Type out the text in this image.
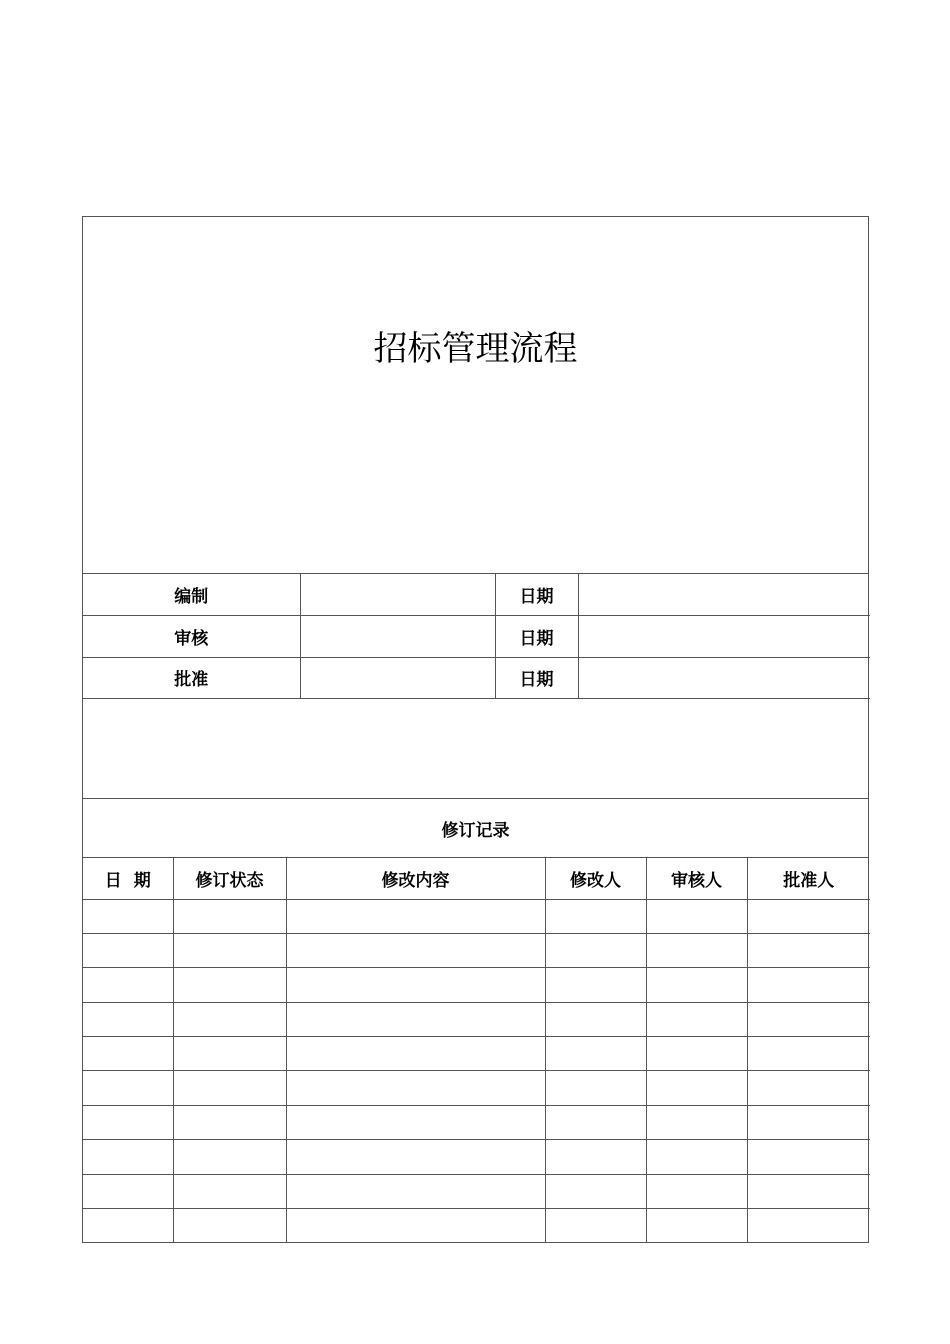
招标管理流程
编制		日期	
审核		日期	
批准		日期	
修订记录
日期	修订状态	修改内容	修改人	审核人	批准人
